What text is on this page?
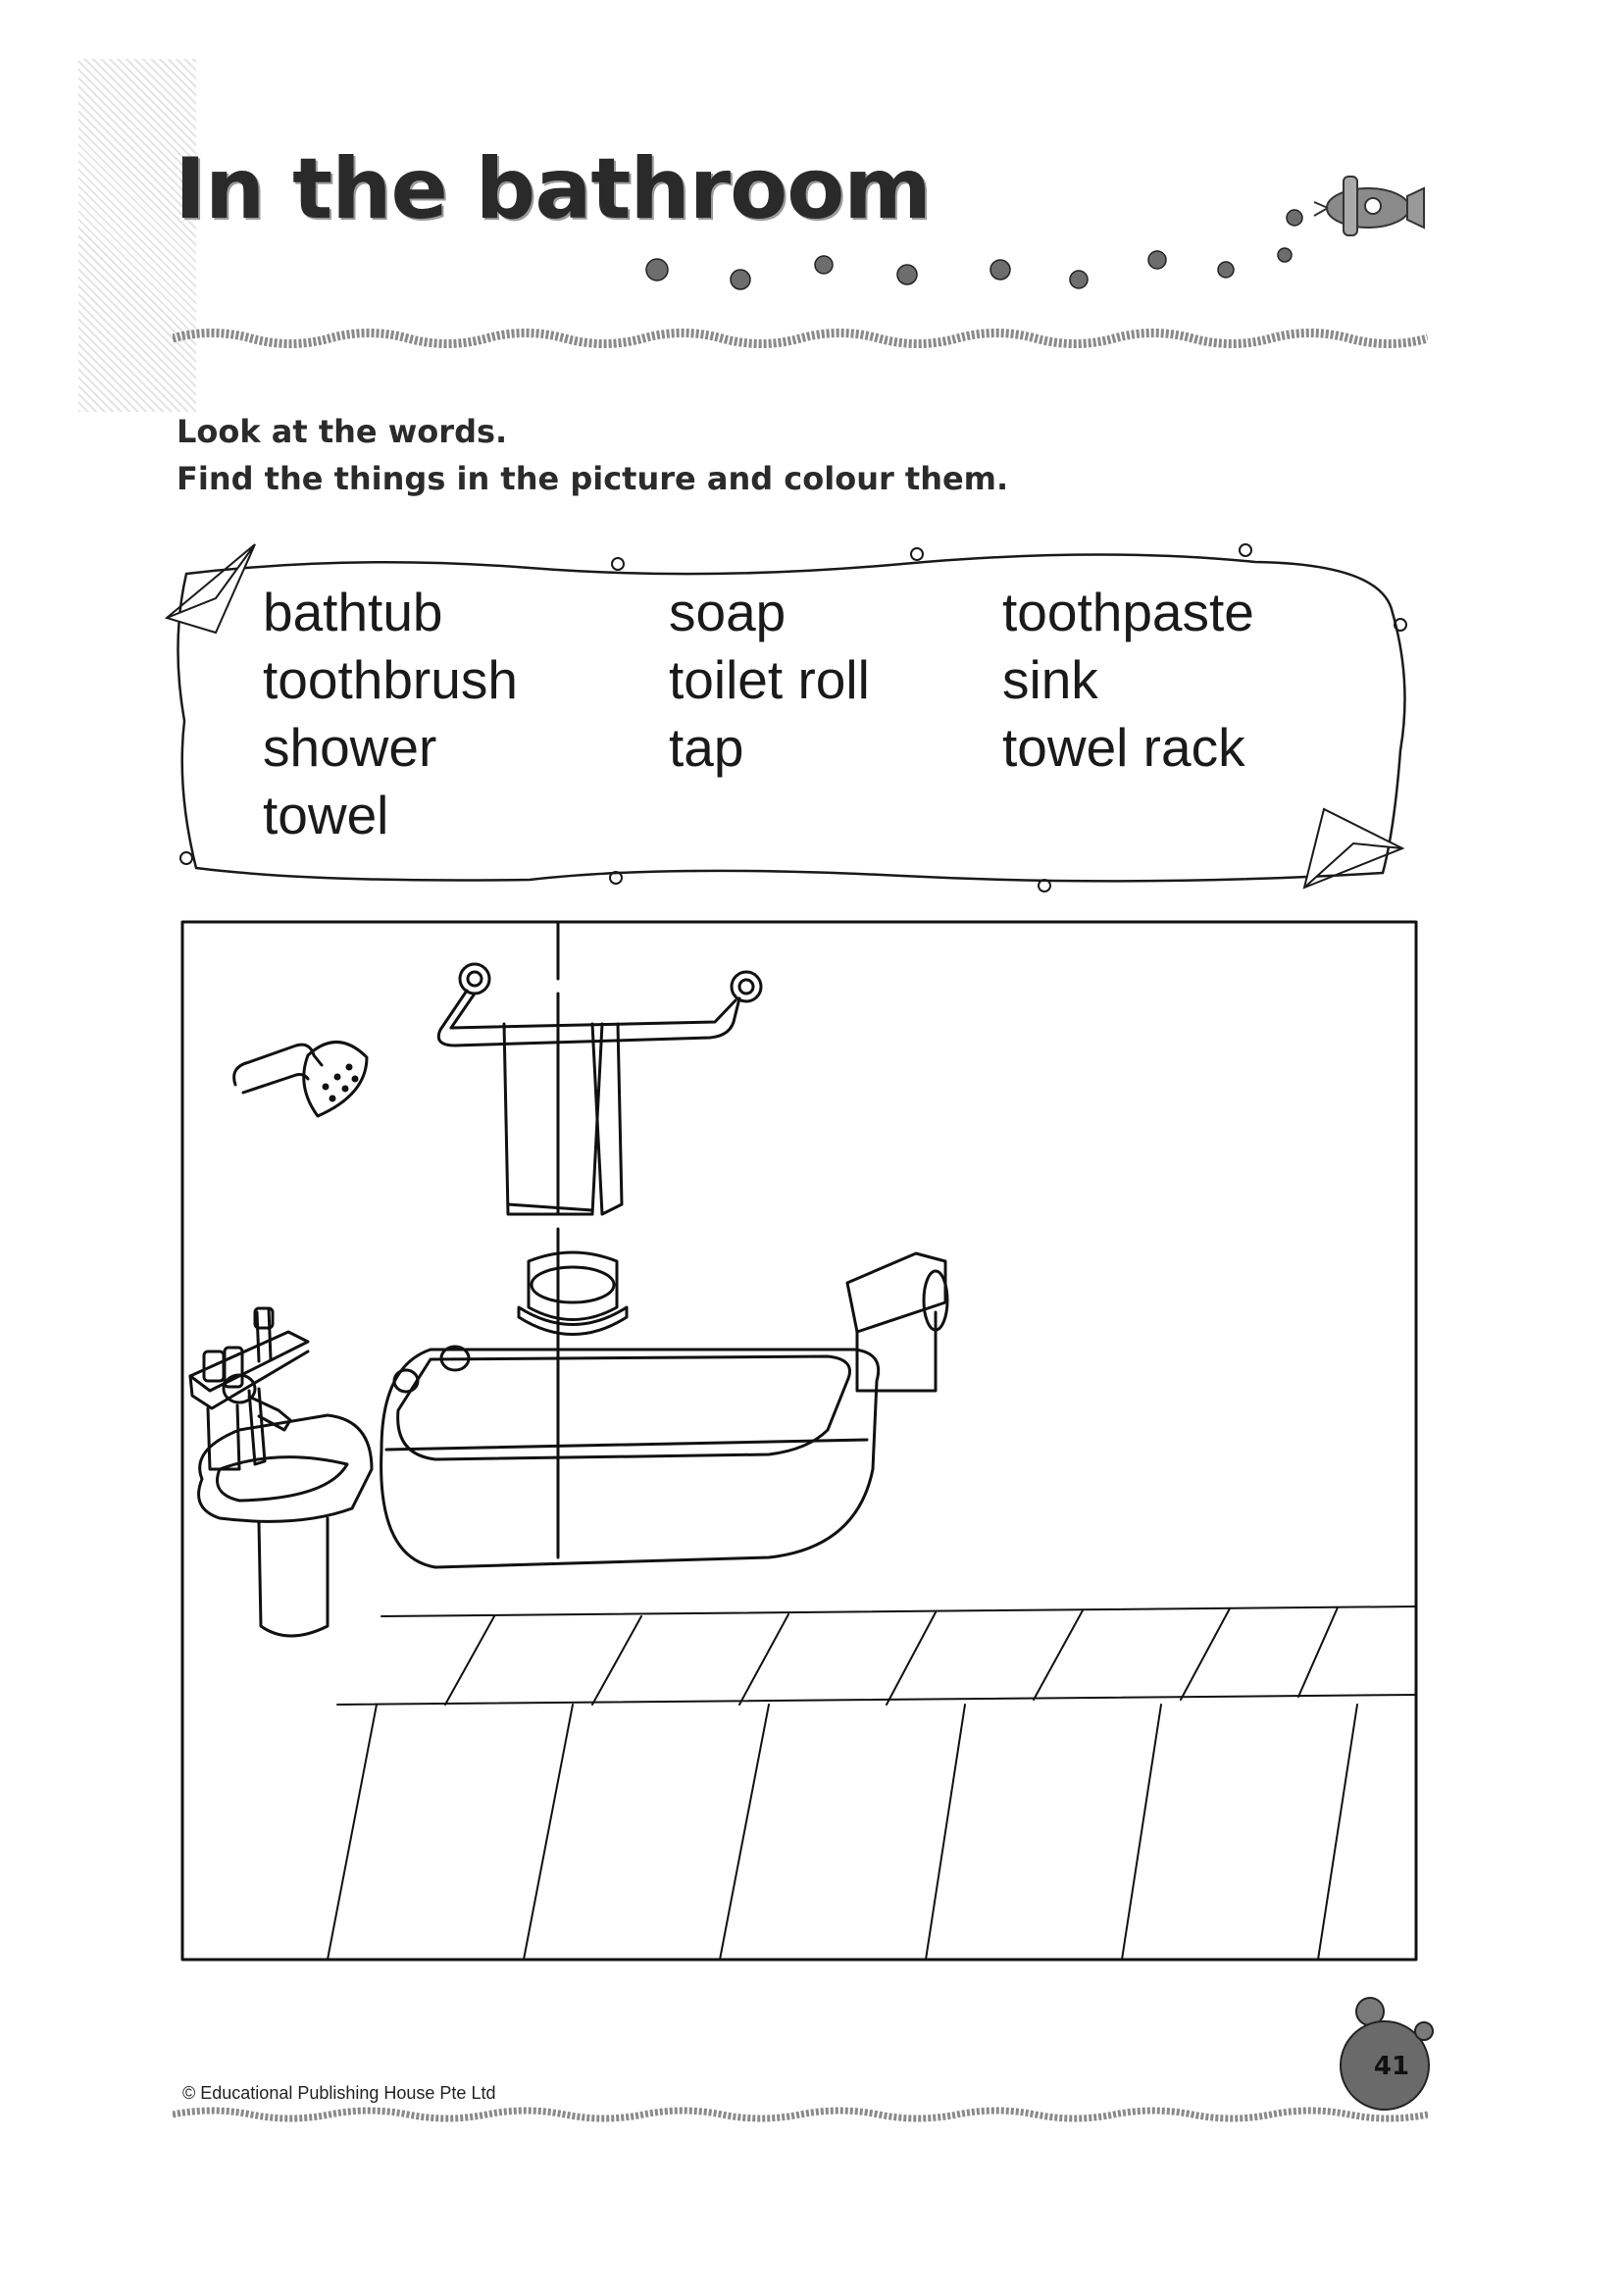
In the bathroom

Look at the words.

Find the things in the picture and colour them.

bathtub	soap	toothpaste
toothbrush	toilet roll	sink
shower	tap	towel rack
towel

© Educational Publishing House Pte Ltd

41
